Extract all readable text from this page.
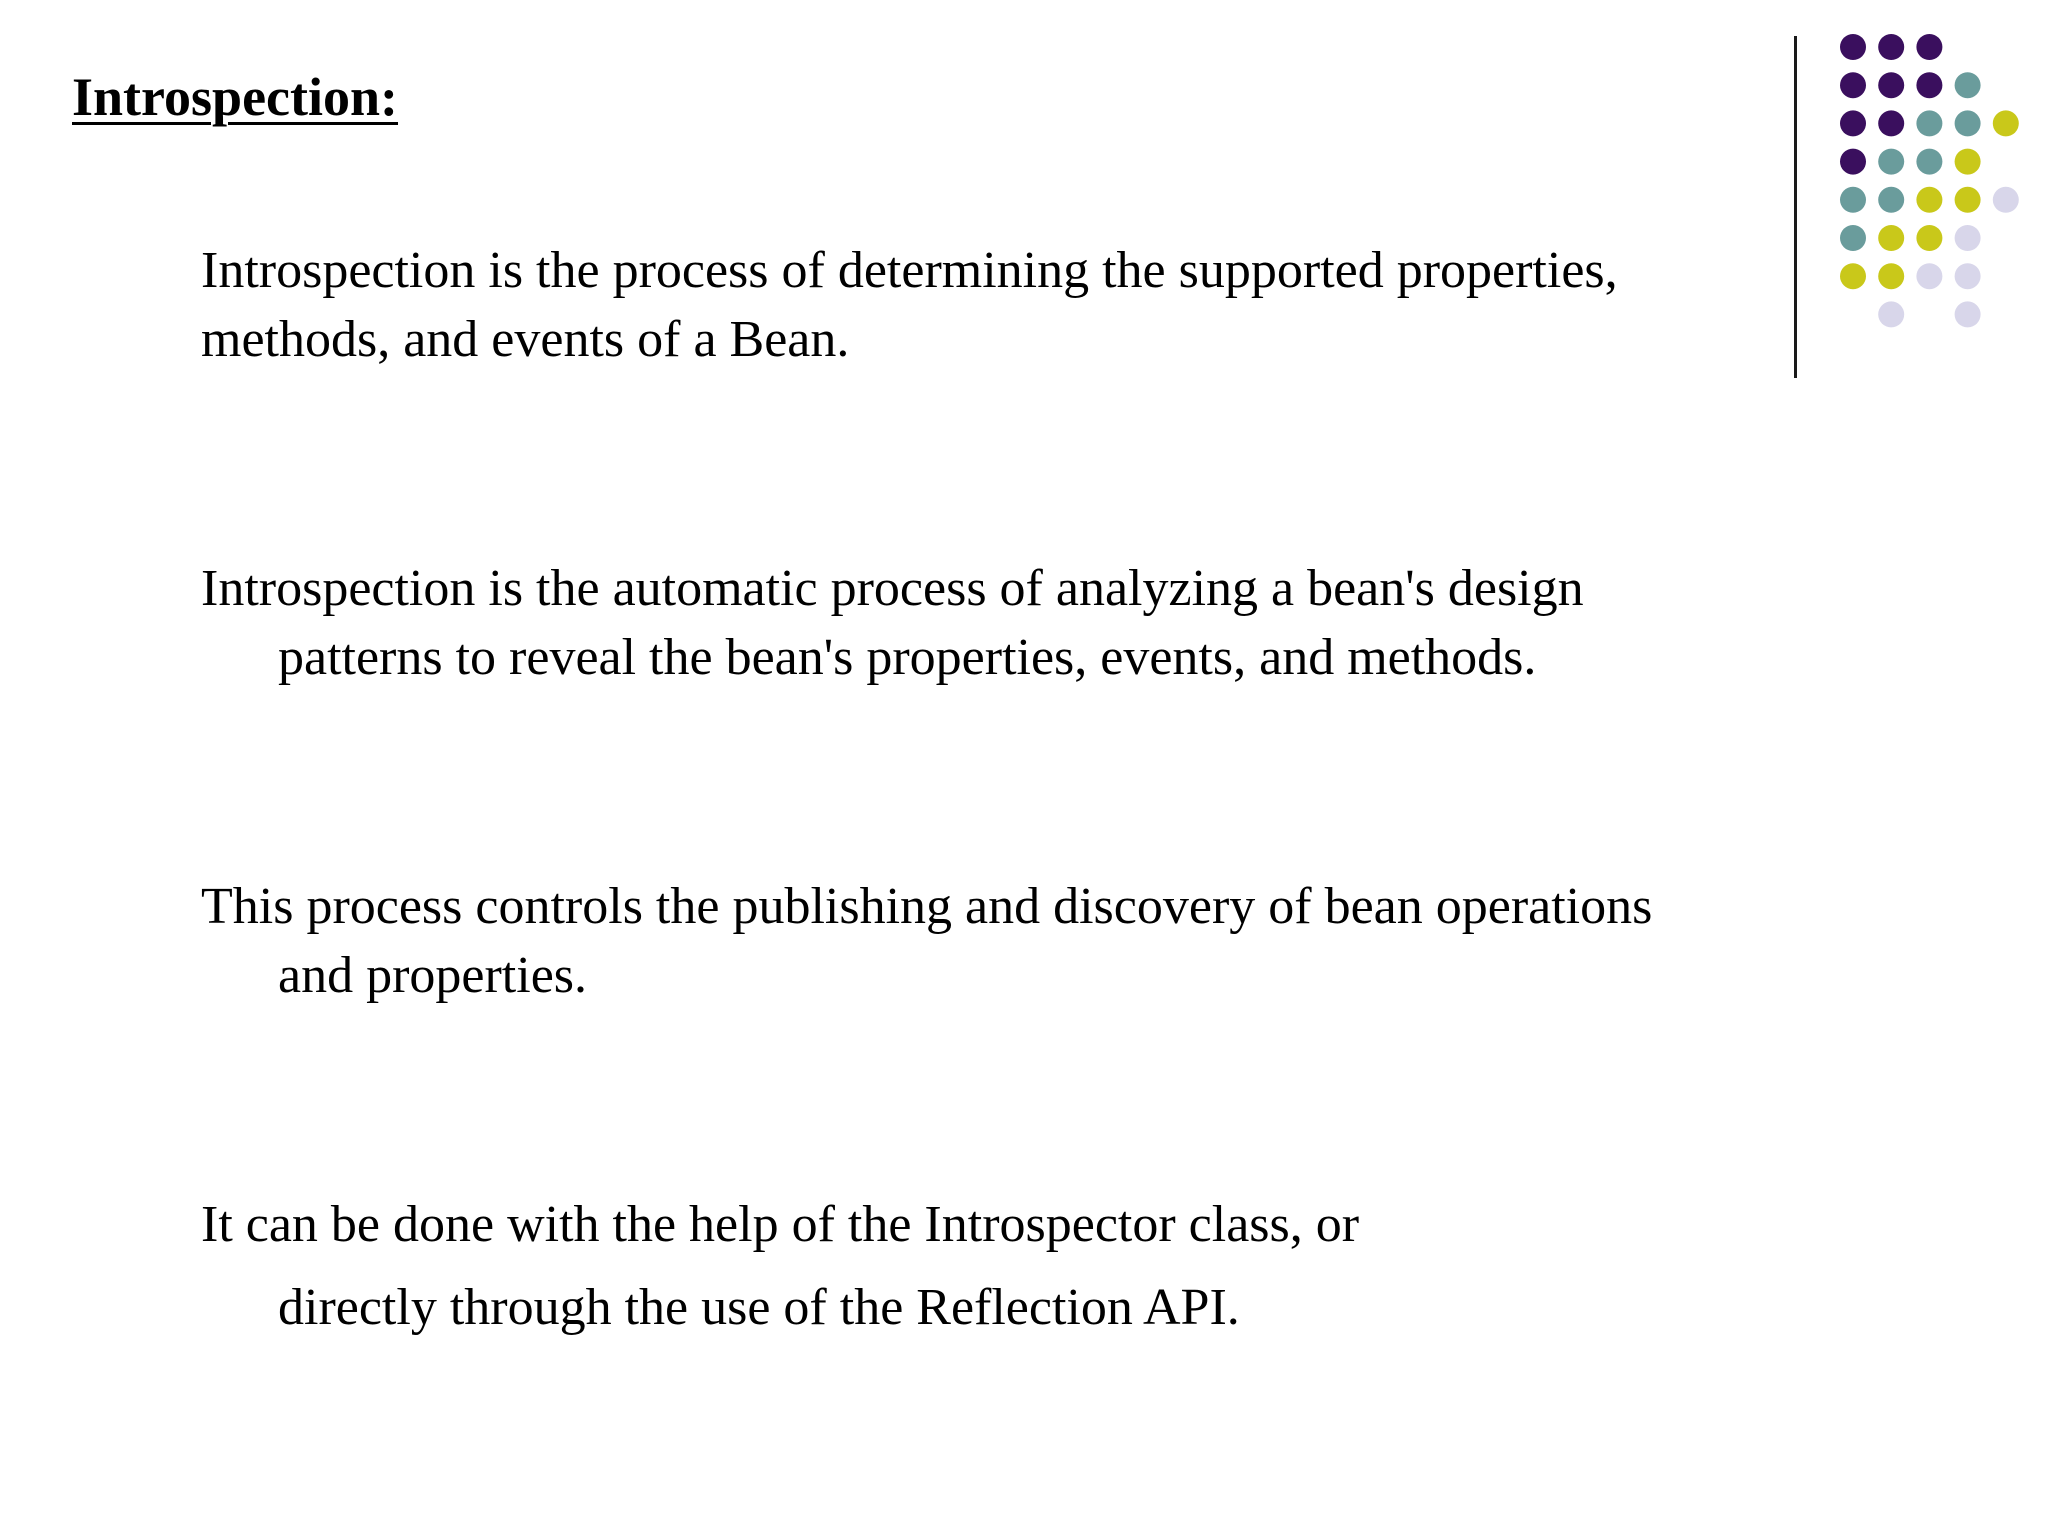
Introspection:
Introspection is the process of determining the supported properties,
methods, and events of a Bean.
Introspection is the automatic process of analyzing a bean's design
patterns to reveal the bean's properties, events, and methods.
This process controls the publishing and discovery of bean operations
and properties.
It can be done with the help of the Introspector class, or
directly through the use of the Reflection API.
